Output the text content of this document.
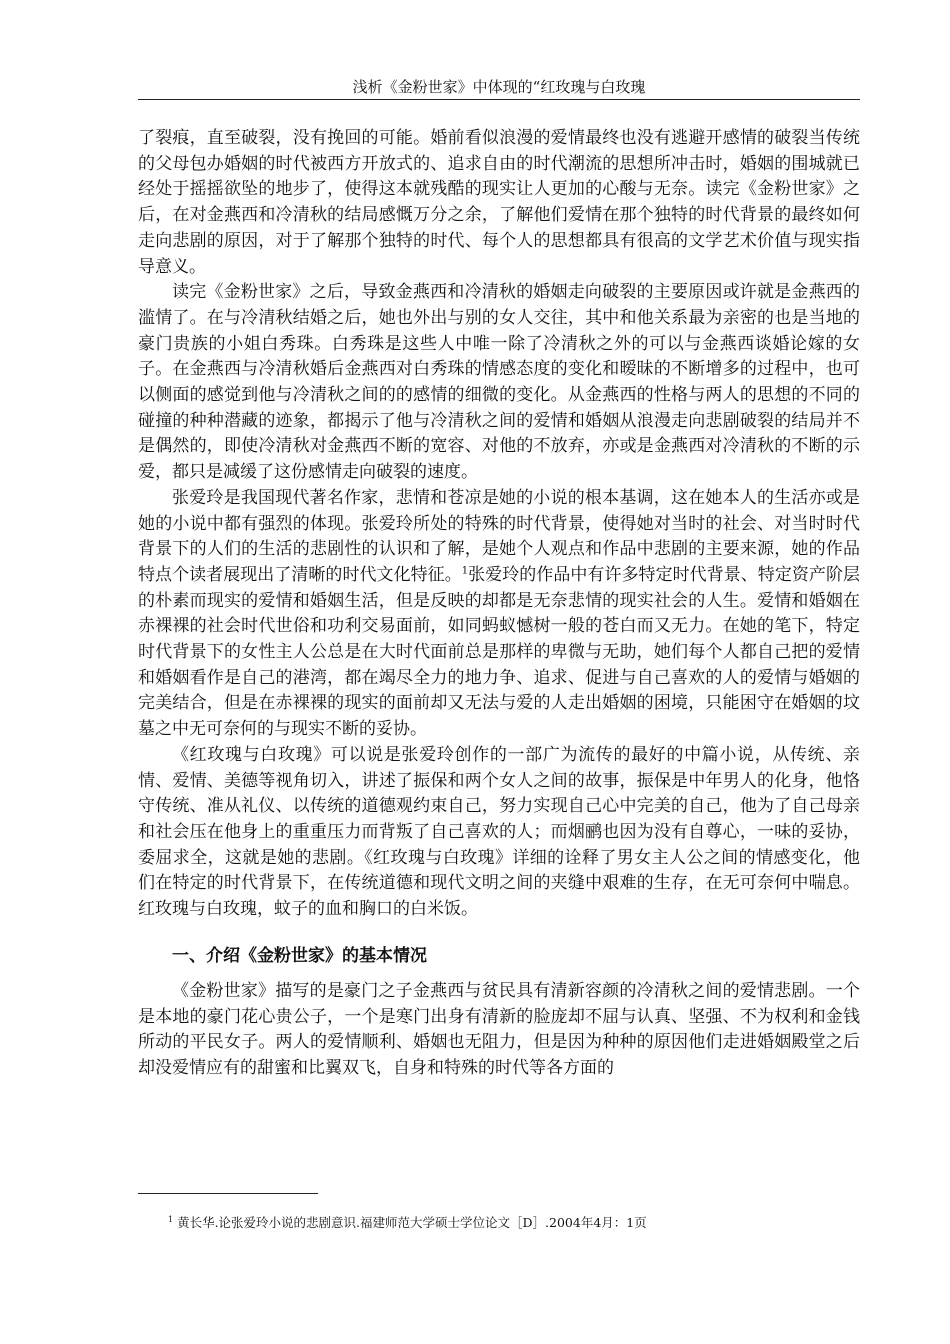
浅析《金粉世家》中体现的“红玫瑰与白玫瑰

了裂痕，直至破裂，没有挽回的可能。婚前看似浪漫的爱情最终也没有逃避开感情的破裂当传统的父母包办婚姻的时代被西方开放式的、追求自由的时代潮流的思想所冲击时，婚姻的围城就已经处于摇摇欲坠的地步了，使得这本就残酷的现实让人更加的心酸与无奈。读完《金粉世家》之后，在对金燕西和冷清秋的结局感慨万分之余，了解他们爱情在那个独特的时代背景的最终如何走向悲剧的原因，对于了解那个独特的时代、每个人的思想都具有很高的文学艺术价值与现实指导意义。

读完《金粉世家》之后，导致金燕西和冷清秋的婚姻走向破裂的主要原因或许就是金燕西的滥情了。在与冷清秋结婚之后，她也外出与别的女人交往，其中和他关系最为亲密的也是当地的豪门贵族的小姐白秀珠。白秀珠是这些人中唯一除了冷清秋之外的可以与金燕西谈婚论嫁的女子。在金燕西与冷清秋婚后金燕西对白秀珠的情感态度的变化和暧昧的不断增多的过程中，也可以侧面的感觉到他与冷清秋之间的的感情的细微的变化。从金燕西的性格与两人的思想的不同的碰撞的种种潜藏的迹象，都揭示了他与冷清秋之间的爱情和婚姻从浪漫走向悲剧破裂的结局并不是偶然的，即使冷清秋对金燕西不断的宽容、对他的不放弃，亦或是金燕西对冷清秋的不断的示爱，都只是减缓了这份感情走向破裂的速度。

张爱玲是我国现代著名作家，悲情和苍凉是她的小说的根本基调，这在她本人的生活亦或是她的小说中都有强烈的体现。张爱玲所处的特殊的时代背景，使得她对当时的社会、对当时时代背景下的人们的生活的悲剧性的认识和了解，是她个人观点和作品中悲剧的主要来源，她的作品特点个读者展现出了清晰的时代文化特征。$^1$张爱玲的作品中有许多特定时代背景、特定资产阶层的朴素而现实的爱情和婚姻生活，但是反映的却都是无奈悲情的现实社会的人生。爱情和婚姻在赤裸裸的社会时代世俗和功利交易面前，如同蚂蚁憾树一般的苍白而又无力。在她的笔下，特定时代背景下的女性主人公总是在大时代面前总是那样的卑微与无助，她们每个人都自己把的爱情和婚姻看作是自己的港湾，都在竭尽全力的地力争、追求、促进与自己喜欢的人的爱情与婚姻的完美结合，但是在赤裸裸的现实的面前却又无法与爱的人走出婚姻的困境，只能困守在婚姻的坟墓之中无可奈何的与现实不断的妥协。

《红玫瑰与白玫瑰》可以说是张爱玲创作的一部广为流传的最好的中篇小说，从传统、亲情、爱情、美德等视角切入，讲述了振保和两个女人之间的故事，振保是中年男人的化身，他恪守传统、准从礼仪、以传统的道德观约束自己，努力实现自己心中完美的自己，他为了自己母亲和社会压在他身上的重重压力而背叛了自己喜欢的人；而烟鹂也因为没有自尊心，一味的妥协，委屈求全，这就是她的悲剧。《红玫瑰与白玫瑰》详细的诠释了男女主人公之间的情感变化，他们在特定的时代背景下，在传统道德和现代文明之间的夹缝中艰难的生存，在无可奈何中喘息。红玫瑰与白玫瑰，蚊子的血和胸口的白米饭。

一、介绍《金粉世家》的基本情况

《金粉世家》描写的是豪门之子金燕西与贫民具有清新容颜的冷清秋之间的爱情悲剧。一个是本地的豪门花心贵公子，一个是寒门出身有清新的脸庞却不屈与认真、坚强、不为权利和金钱所动的平民女子。两人的爱情顺利、婚姻也无阻力，但是因为种种的原因他们走进婚姻殿堂之后却没爱情应有的甜蜜和比翼双飞，自身和特殊的时代等各方面的

$^1$ 黄长华.论张爱玲小说的悲剧意识.福建师范大学硕士学位论文［D］.2004年4月：1页
